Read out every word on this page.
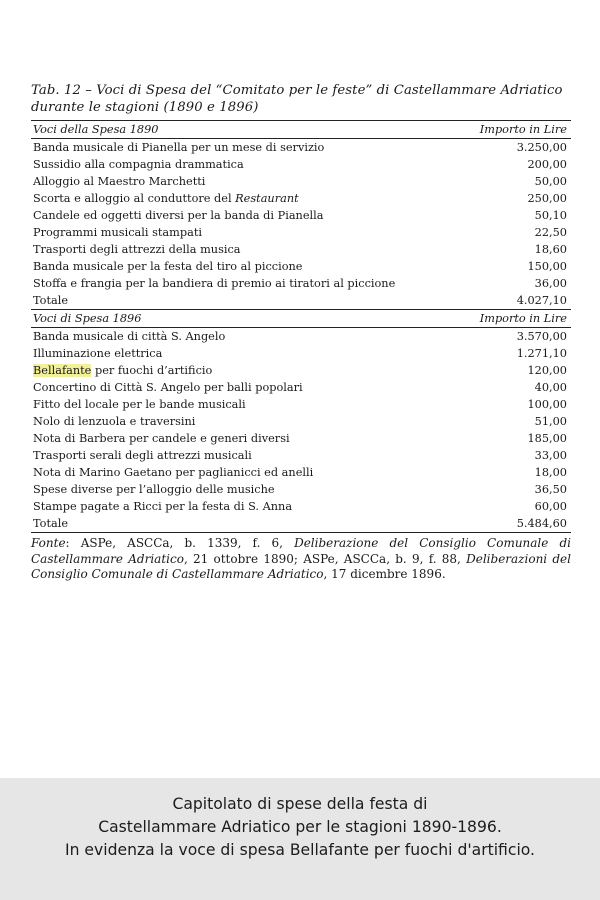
Tab. 12 – Voci di Spesa del “Comitato per le feste” di Castellammare Adriatico durante le stagioni (1890 e 1896)
Voci della Spesa 1890	Importo in Lire
Banda musicale di Pianella per un mese di servizio	3.250,00
Sussidio alla compagnia drammatica	200,00
Alloggio al Maestro Marchetti	50,00
Scorta e alloggio al conduttore del Restaurant	250,00
Candele ed oggetti diversi per la banda di Pianella	50,10
Programmi musicali stampati	22,50
Trasporti degli attrezzi della musica	18,60
Banda musicale per la festa del tiro al piccione	150,00
Stoffa e frangia per la bandiera di premio ai tiratori al piccione	36,00
Totale	4.027,10
Voci di Spesa 1896	Importo in Lire
Banda musicale di città S. Angelo	3.570,00
Illuminazione elettrica	1.271,10
Bellafante per fuochi d’artificio	120,00
Concertino di Città S. Angelo per balli popolari	40,00
Fitto del locale per le bande musicali	100,00
Nolo di lenzuola e traversini	51,00
Nota di Barbera per candele e generi diversi	185,00
Trasporti serali degli attrezzi musicali	33,00
Nota di Marino Gaetano per paglianicci ed anelli	18,00
Spese diverse per l’alloggio delle musiche	36,50
Stampe pagate a Ricci per la festa di S. Anna	60,00
Totale	5.484,60
Fonte: ASPe, ASCCa, b. 1339, f. 6, Deliberazione del Consiglio Comunale di Castellammare Adriatico, 21 ottobre 1890; ASPe, ASCCa, b. 9, f. 88, Deliberazioni del Consiglio Comunale di Castellammare Adriatico, 17 dicembre 1896.
Capitolato di spese della festa di
Castellammare Adriatico per le stagioni 1890-1896.
In evidenza la voce di spesa Bellafante per fuochi d'artificio.
